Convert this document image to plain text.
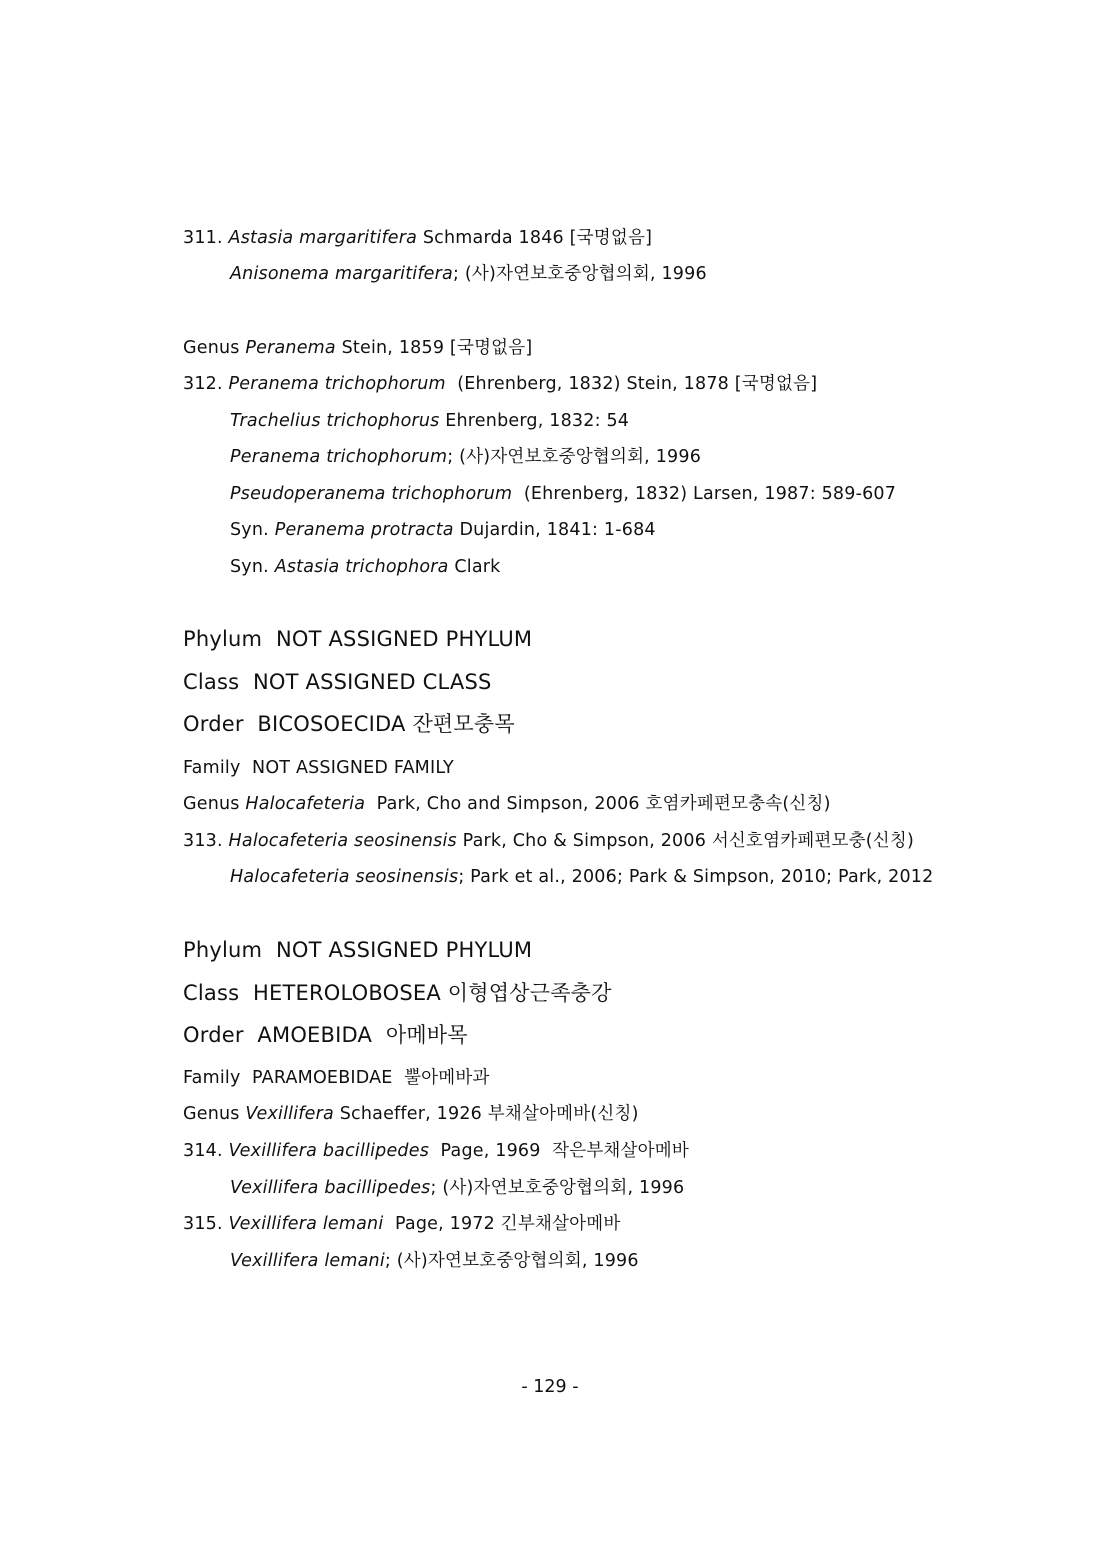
311. Astasia margaritifera Schmarda 1846 [국명없음]
Anisonema margaritifera; (사)자연보호중앙협의회, 1996
Genus Peranema Stein, 1859 [국명없음]
312. Peranema trichophorum  (Ehrenberg, 1832) Stein, 1878 [국명없음]
Trachelius trichophorus Ehrenberg, 1832: 54
Peranema trichophorum; (사)자연보호중앙협의회, 1996
Pseudoperanema trichophorum  (Ehrenberg, 1832) Larsen, 1987: 589-607
Syn. Peranema protracta Dujardin, 1841: 1-684
Syn. Astasia trichophora Clark
Phylum  NOT ASSIGNED PHYLUM
Class  NOT ASSIGNED CLASS
Order  BICOSOECIDA 잔편모충목
Family  NOT ASSIGNED FAMILY
Genus Halocafeteria  Park, Cho and Simpson, 2006 호염카페편모충속(신칭)
313. Halocafeteria seosinensis Park, Cho & Simpson, 2006 서신호염카페편모충(신칭)
Halocafeteria seosinensis; Park et al., 2006; Park & Simpson, 2010; Park, 2012
Phylum  NOT ASSIGNED PHYLUM
Class  HETEROLOBOSEA 이형엽상근족충강
Order  AMOEBIDA  아메바목
Family  PARAMOEBIDAE  뿔아메바과
Genus Vexillifera Schaeffer, 1926 부채살아메바(신칭)
314. Vexillifera bacillipedes  Page, 1969  작은부채살아메바
Vexillifera bacillipedes; (사)자연보호중앙협의회, 1996
315. Vexillifera lemani  Page, 1972 긴부채살아메바
Vexillifera lemani; (사)자연보호중앙협의회, 1996
- 129 -
